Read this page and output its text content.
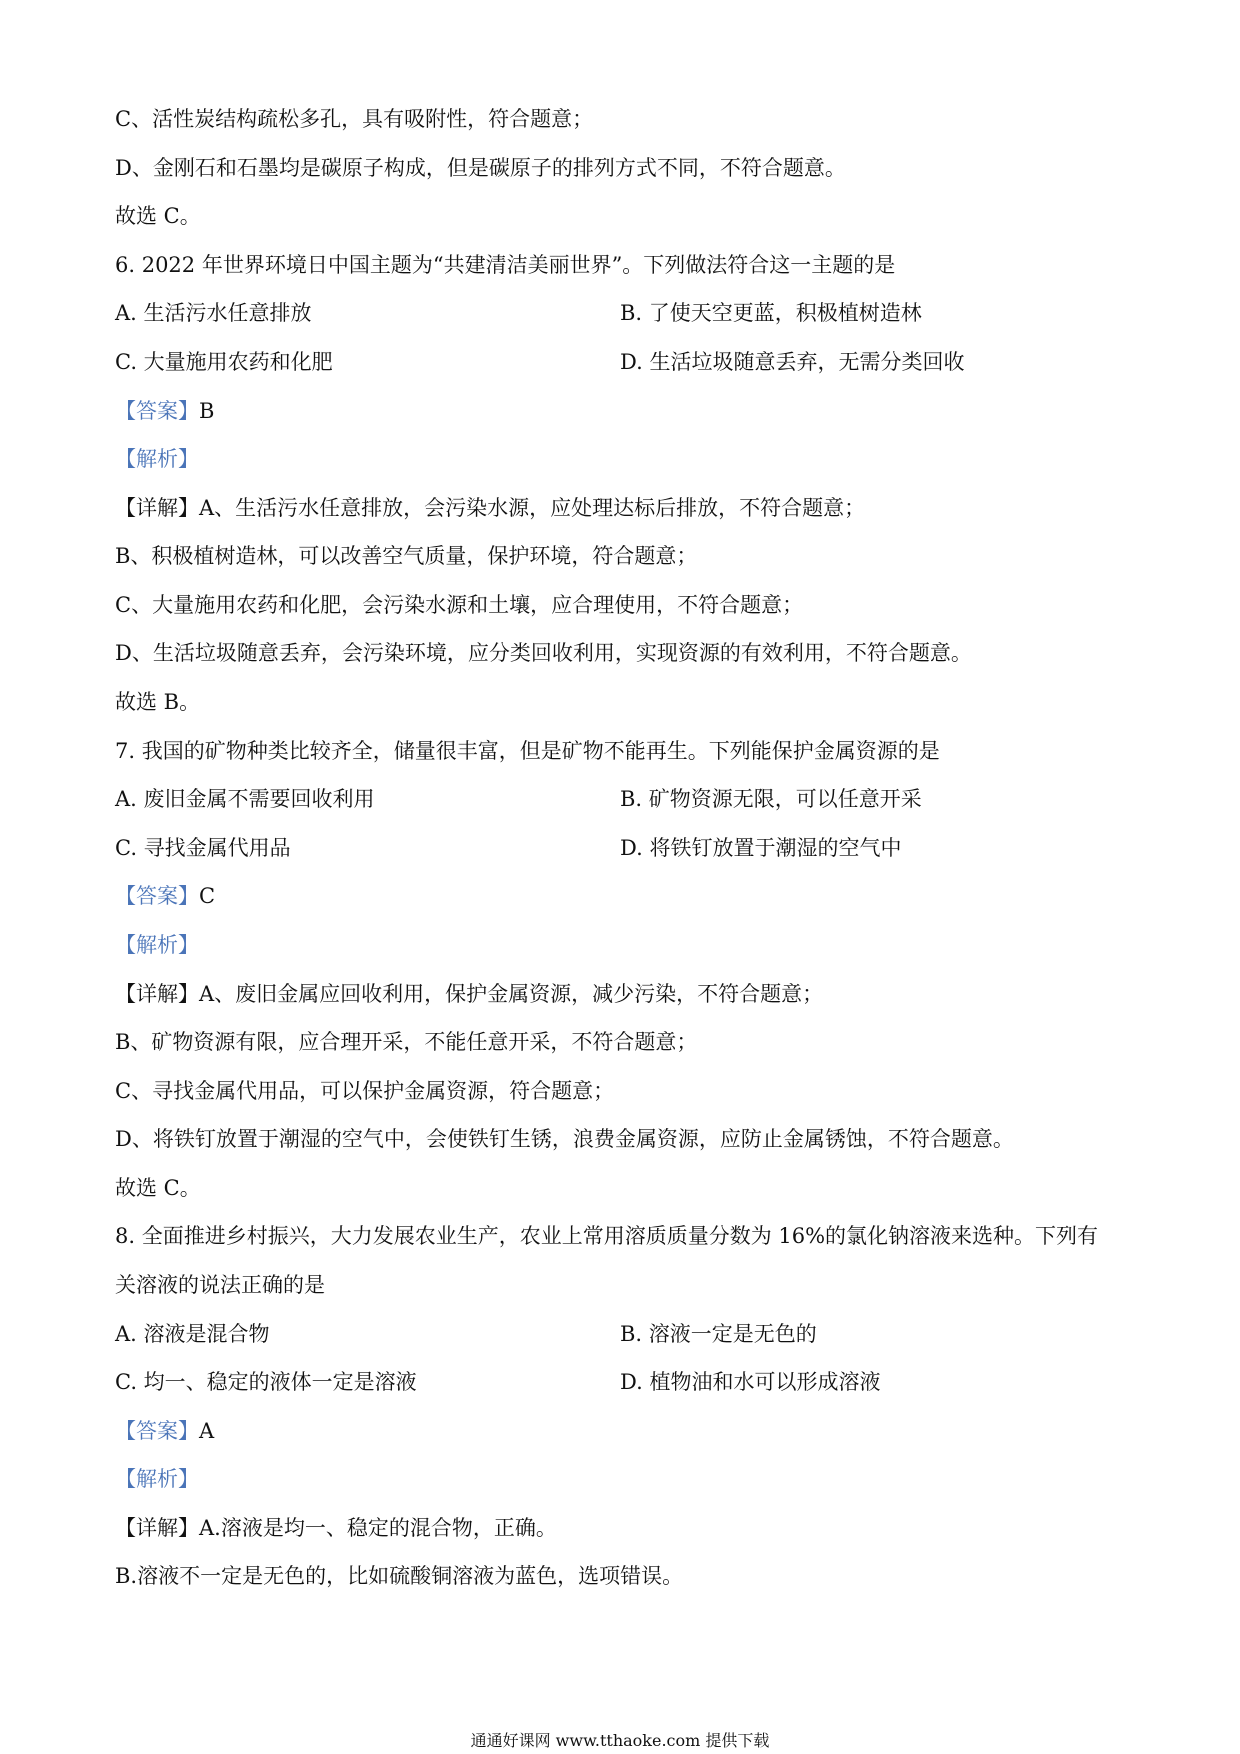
C、活性炭结构疏松多孔，具有吸附性，符合题意；
D、金刚石和石墨均是碳原子构成，但是碳原子的排列方式不同，不符合题意。
故选 C。
6. 2022 年世界环境日中国主题为“共建清洁美丽世界”。下列做法符合这一主题的是
A. 生活污水任意排放	B. 了使天空更蓝，积极植树造林
C. 大量施用农药和化肥	D. 生活垃圾随意丢弃，无需分类回收
【答案】B
【解析】
【详解】A、生活污水任意排放，会污染水源，应处理达标后排放，不符合题意；
B、积极植树造林，可以改善空气质量，保护环境，符合题意；
C、大量施用农药和化肥，会污染水源和土壤，应合理使用，不符合题意；
D、生活垃圾随意丢弃，会污染环境，应分类回收利用，实现资源的有效利用，不符合题意。
故选 B。
7. 我国的矿物种类比较齐全，储量很丰富，但是矿物不能再生。下列能保护金属资源的是
A. 废旧金属不需要回收利用	B. 矿物资源无限，可以任意开采
C. 寻找金属代用品	D. 将铁钉放置于潮湿的空气中
【答案】C
【解析】
【详解】A、废旧金属应回收利用，保护金属资源，减少污染，不符合题意；
B、矿物资源有限，应合理开采，不能任意开采，不符合题意；
C、寻找金属代用品，可以保护金属资源，符合题意；
D、将铁钉放置于潮湿的空气中，会使铁钉生锈，浪费金属资源，应防止金属锈蚀，不符合题意。
故选 C。
8. 全面推进乡村振兴，大力发展农业生产，农业上常用溶质质量分数为 16%的氯化钠溶液来选种。下列有
关溶液的说法正确的是
A. 溶液是混合物	B. 溶液一定是无色的
C. 均一、稳定的液体一定是溶液	D. 植物油和水可以形成溶液
【答案】A
【解析】
【详解】A.溶液是均一、稳定的混合物，正确。
B.溶液不一定是无色的，比如硫酸铜溶液为蓝色，选项错误。
通通好课网 www.tthaoke.com 提供下载
